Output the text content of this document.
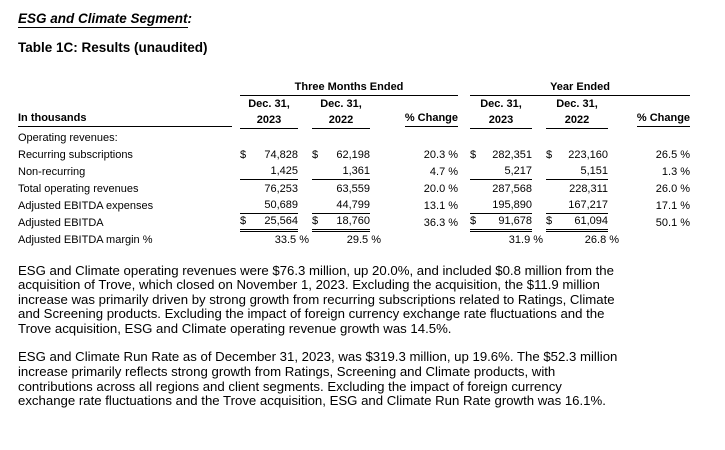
ESG and Climate Segment:
Table 1C: Results (unaudited)
	Three Months Ended							Year Ended					
	Dec. 31,			Dec. 31,				Dec. 31,			Dec. 31,		
In thousands	2023			2022		% Change		2023			2022		% Change
Operating revenues:													
Recurring subscriptions	$	74,828		$	62,198	20.3 %		$	282,351		$	223,160	26.5 %
Non-recurring		1,425			1,361	4.7 %			5,217			5,151	1.3 %
Total operating revenues		76,253			63,559	20.0 %			287,568			228,311	26.0 %
Adjusted EBITDA expenses		50,689			44,799	13.1 %			195,890			167,217	17.1 %
Adjusted EBITDA	$	25,564		$	18,760	36.3 %		$	91,678		$	61,094	50.1 %
Adjusted EBITDA margin %		33.5 %			29.5 %				31.9 %			26.8 %	
ESG and Climate operating revenues were $76.3 million, up 20.0%, and included $0.8 million from the
acquisition of Trove, which closed on November 1, 2023. Excluding the acquisition, the $11.9 million
increase was primarily driven by strong growth from recurring subscriptions related to Ratings, Climate
and Screening products. Excluding the impact of foreign currency exchange rate fluctuations and the
Trove acquisition, ESG and Climate operating revenue growth was 14.5%.
ESG and Climate Run Rate as of December 31, 2023, was $319.3 million, up 19.6%. The $52.3 million
increase primarily reflects strong growth from Ratings, Screening and Climate products, with
contributions across all regions and client segments. Excluding the impact of foreign currency
exchange rate fluctuations and the Trove acquisition, ESG and Climate Run Rate growth was 16.1%.
